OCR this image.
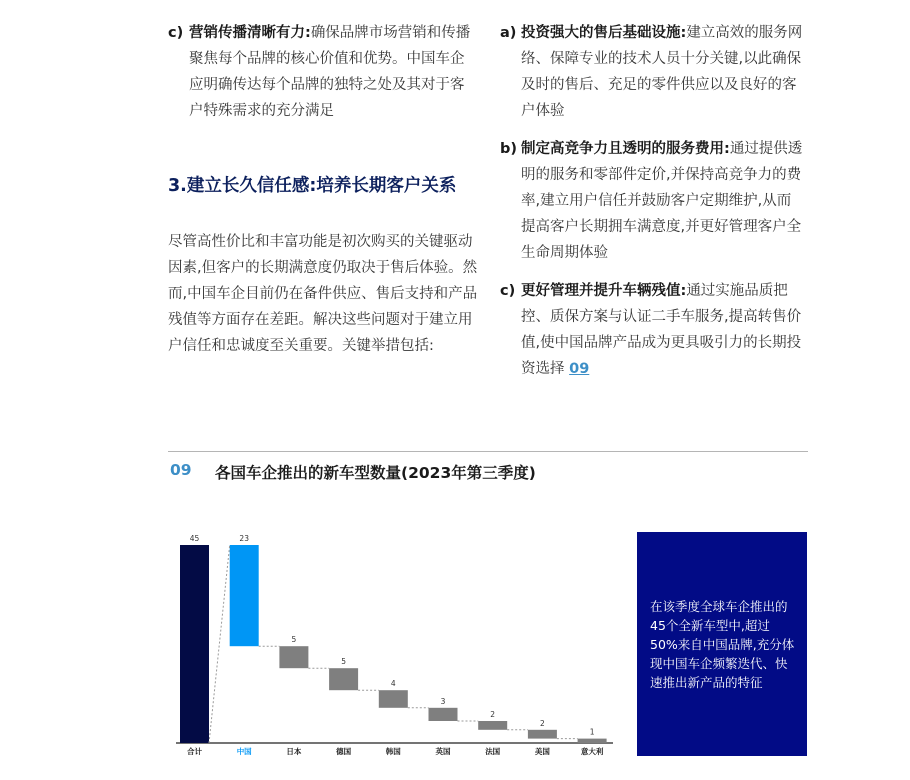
c) 营销传播清晰有力:确保品牌市场营销和传播聚焦每个品牌的核心价值和优势。中国车企应明确传达每个品牌的独特之处及其对于客户特殊需求的充分满足
3.建立长久信任感:培养长期客户关系
尽管高性价比和丰富功能是初次购买的关键驱动因素,但客户的长期满意度仍取决于售后体验。然而,中国车企目前仍在备件供应、售后支持和产品残值等方面存在差距。解决这些问题对于建立用户信任和忠诚度至关重要。关键举措包括:
a) 投资强大的售后基础设施:建立高效的服务网络、保障专业的技术人员十分关键,以此确保及时的售后、充足的零件供应以及良好的客户体验
b) 制定高竞争力且透明的服务费用:通过提供透明的服务和零部件定价,并保持高竞争力的费率,建立用户信任并鼓励客户定期维护,从而提高客户长期拥车满意度,并更好管理客户全生命周期体验
c) 更好管理并提升车辆残值:通过实施品质把控、质保方案与认证二手车服务,提高转售价值,使中国品牌产品成为更具吸引力的长期投资选择 09
09 各国车企推出的新车型数量(2023年第三季度)
45
合计
23
中国
5
日本
5
德国
4
韩国
3
英国
2
法国
2
美国
1
意大利
在该季度全球车企推出的45个全新车型中,超过50%来自中国品牌,充分体现中国车企频繁迭代、快速推出新产品的特征
